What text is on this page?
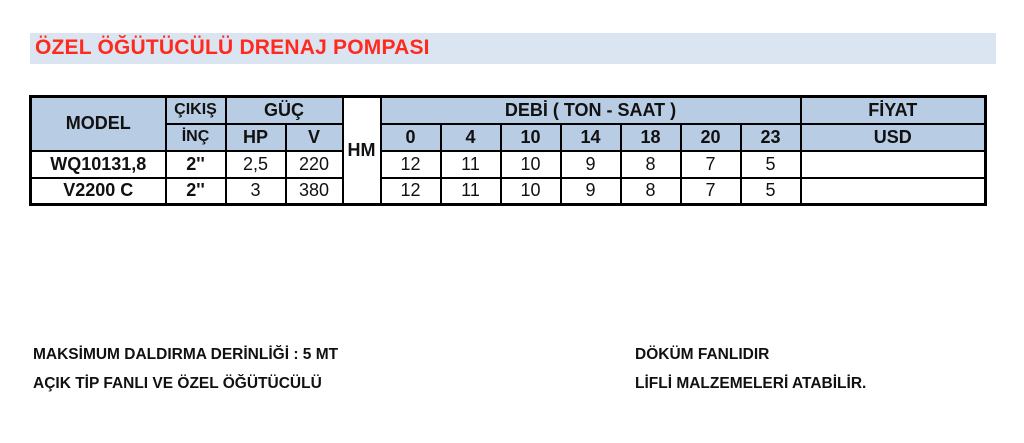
ÖZEL ÖĞÜTÜCÜLÜ DRENAJ POMPASI
MODEL	ÇIKIŞ	GÜÇ		HM	DEBİ ( TON - SAAT )							FİYAT
	İNÇ	HP	V		0	4	10	14	18	20	23	USD
WQ10131,8	2''	2,5	220		12	11	10	9	8	7	5	
V2200 C	2''	3	380		12	11	10	9	8	7	5	
MAKSİMUM DALDIRMA DERİNLİĞİ : 5 MT
AÇIK TİP FANLI VE ÖZEL ÖĞÜTÜCÜLÜ
DÖKÜM FANLIDIR
LİFLİ MALZEMELERİ ATABİLİR.
